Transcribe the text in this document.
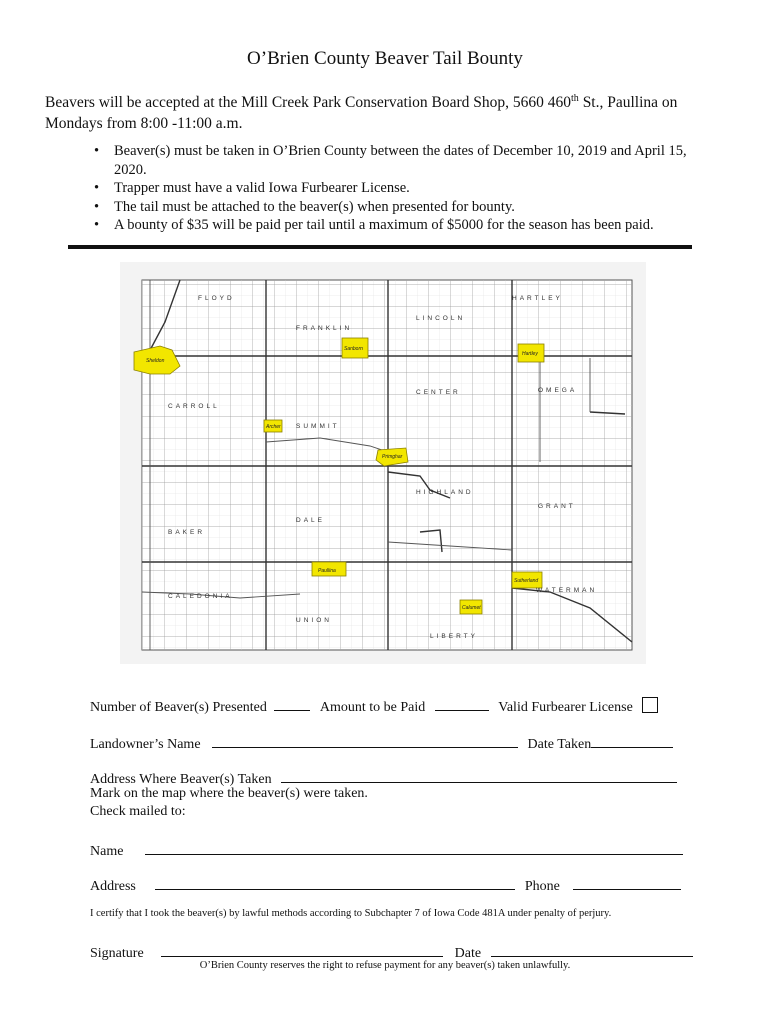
O’Brien County Beaver Tail Bounty
Beavers will be accepted at the Mill Creek Park Conservation Board Shop, 5660 460th St., Paullina on Mondays from 8:00 -11:00 a.m.
• Beaver(s) must be taken in O’Brien County between the dates of December 10, 2019 and April 15, 2020.
• Trapper must have a valid Iowa Furbearer License.
• The tail must be attached to the beaver(s) when presented for bounty.
• A bounty of $35 will be paid per tail until a maximum of $5000 for the season has been paid.
FLOYD
FRANKLIN
HARTLEY
LINCOLN
CARROLL
SUMMIT
CENTER	OMEGA
HIGHLAND
DALE
GRANT
BAKER
CALEDONIA
UNION
WATERMAN
LIBERTY
Sheldon
Sanborn
Hartley
Archer
Primghar
Paullina
Sutherland
Calumet
Number of Beaver(s) Presented	Amount to be Paid	Valid Furbearer License
Landowner’s Name	Date Taken
Address Where Beaver(s) Taken
Mark on the map where the beaver(s) were taken.
Check mailed to:
Name
Address	Phone
I certify that I took the beaver(s) by lawful methods according to Subchapter 7 of Iowa Code 481A under penalty of perjury.
Signature	Date
O’Brien County reserves the right to refuse payment for any beaver(s) taken unlawfully.
